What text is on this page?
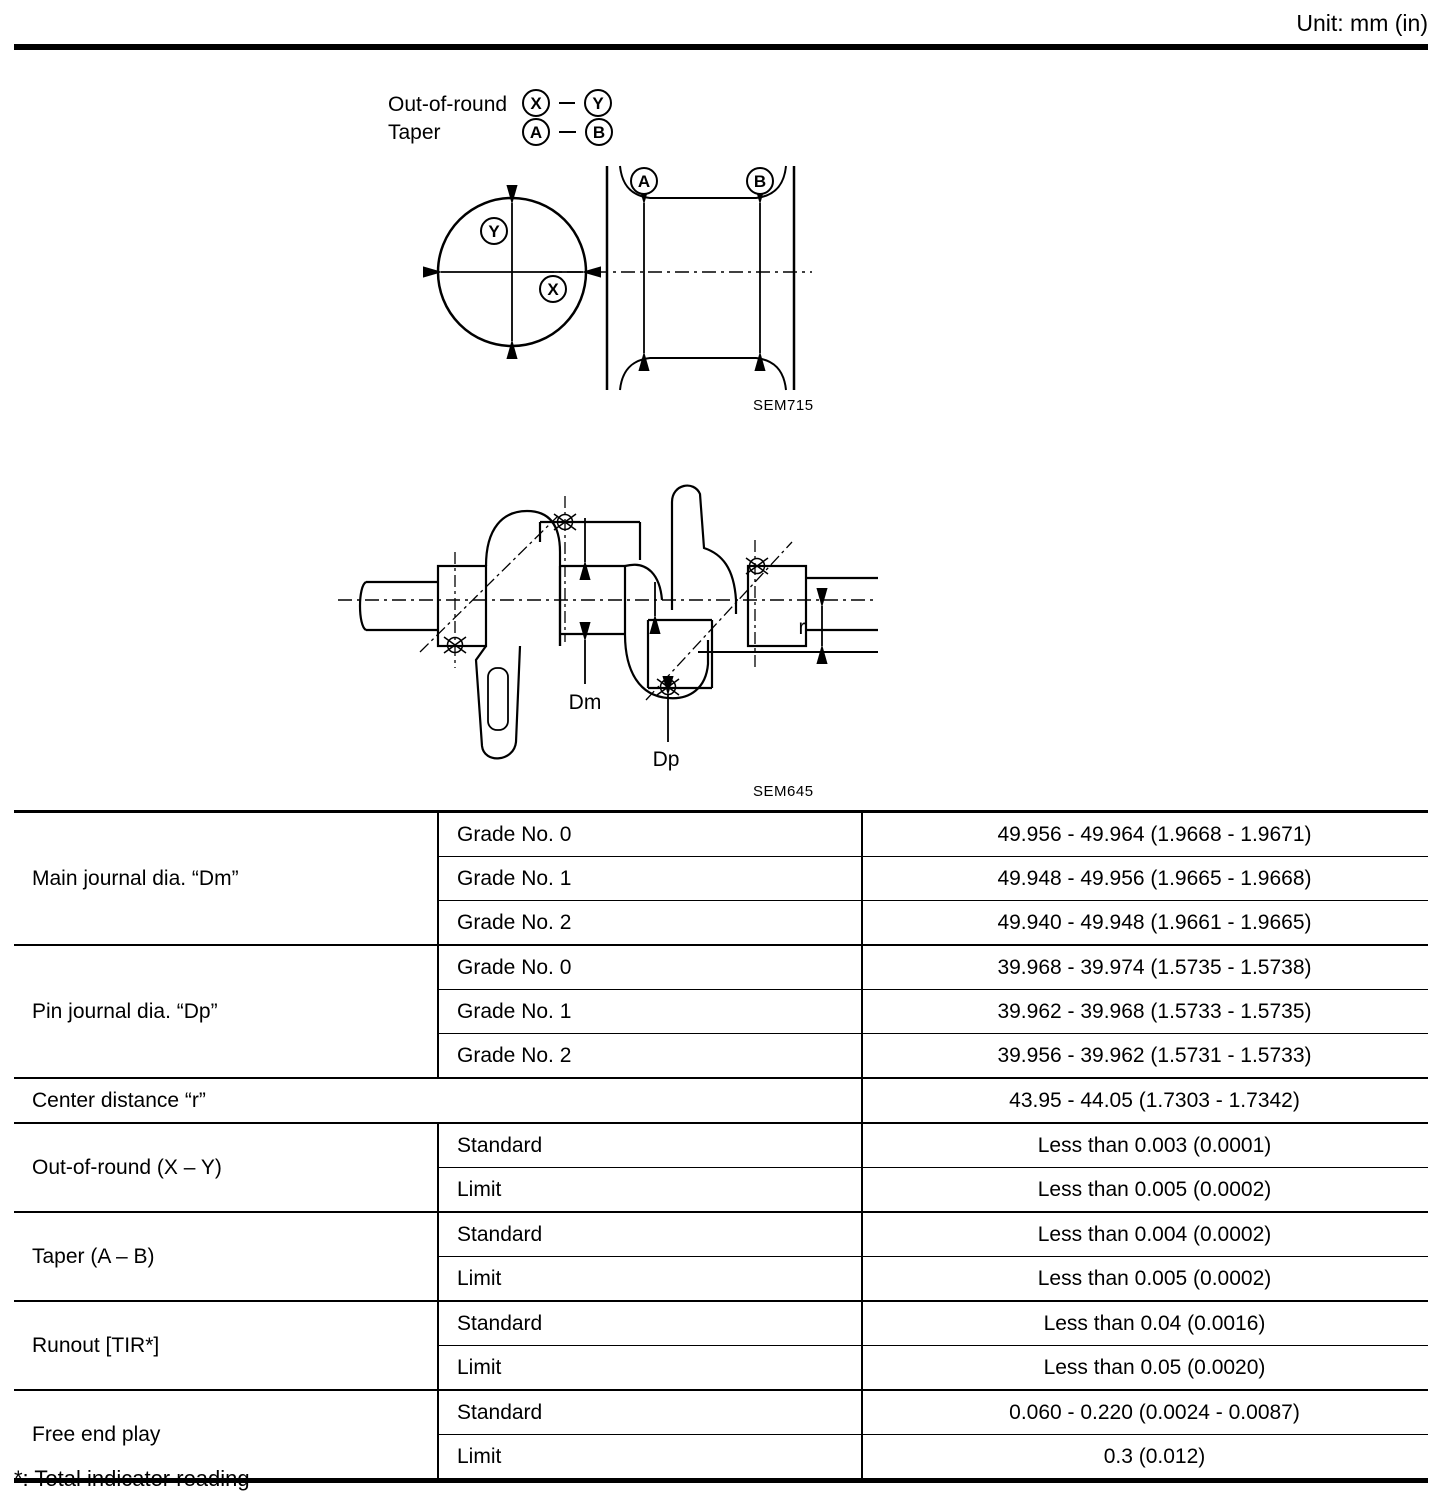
Unit: mm (in)
Out-of-round
Taper
X	Y
A	B
Y
X
A	B
SEM715
Dm
Dp
r
SEM645
Main journal dia. “Dm”	Grade No. 0	49.956 - 49.964 (1.9668 - 1.9671)
	Grade No. 1	49.948 - 49.956 (1.9665 - 1.9668)
	Grade No. 2	49.940 - 49.948 (1.9661 - 1.9665)
Pin journal dia. “Dp”	Grade No. 0	39.968 - 39.974 (1.5735 - 1.5738)
	Grade No. 1	39.962 - 39.968 (1.5733 - 1.5735)
	Grade No. 2	39.956 - 39.962 (1.5731 - 1.5733)
Center distance “r”		43.95 - 44.05 (1.7303 - 1.7342)
Out-of-round (X – Y)	Standard	Less than 0.003 (0.0001)
	Limit	Less than 0.005 (0.0002)
Taper (A – B)	Standard	Less than 0.004 (0.0002)
	Limit	Less than 0.005 (0.0002)
Runout [TIR*]	Standard	Less than 0.04 (0.0016)
	Limit	Less than 0.05 (0.0020)
Free end play	Standard	0.060 - 0.220 (0.0024 - 0.0087)
	Limit	0.3 (0.012)
*: Total indicator reading
